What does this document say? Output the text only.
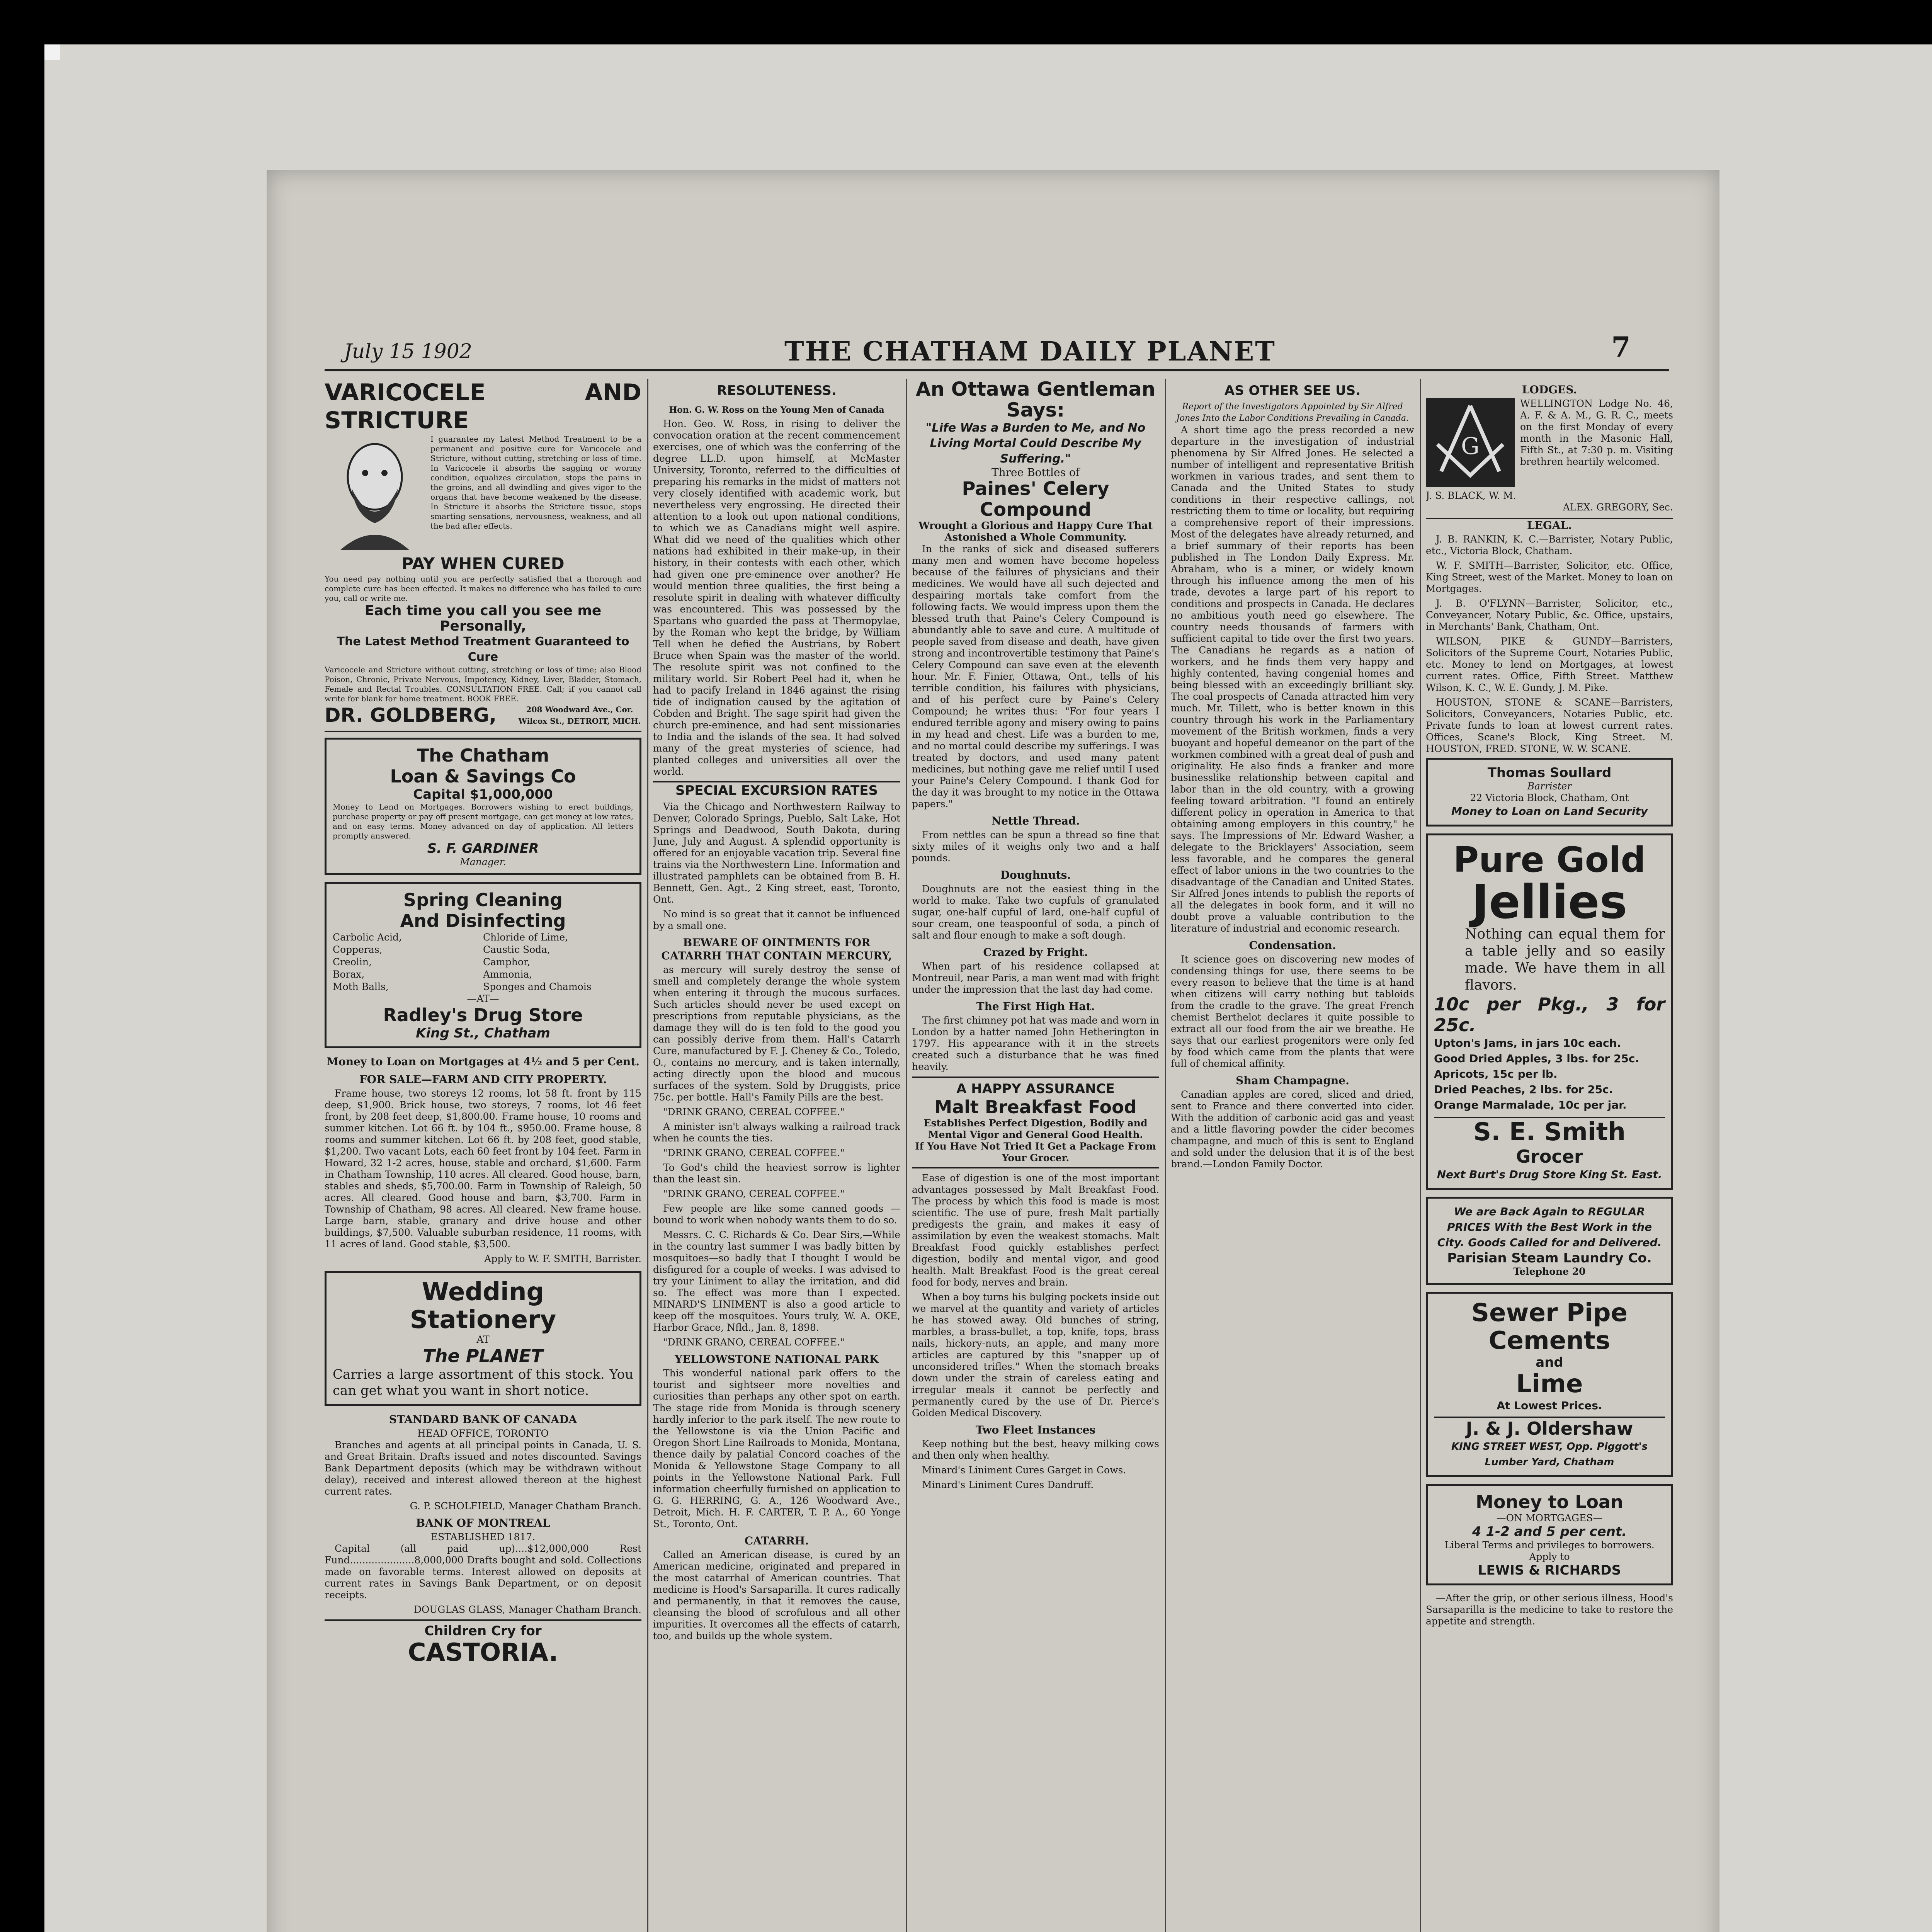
July 15 1902	THE CHATHAM DAILY PLANET	7
VARICOCELE AND STRICTURE
I guarantee my Latest Method Treatment to be a permanent and positive cure for Varicocele and Stricture, without cutting, stretching or loss of time. In Varicocele it absorbs the sagging or wormy condition, equalizes circulation, stops the pains in the groins, and all dwindling and gives vigor to the organs that have become weakened by the disease. In Stricture it absorbs the Stricture tissue, stops smarting sensations, nervousness, weakness, and all the bad after effects.
PAY WHEN CURED
You need pay nothing until you are perfectly satisfied that a thorough and complete cure has been effected. It makes no difference who has failed to cure you, call or write me.
Each time you call you see me Personally,
The Latest Method Treatment Guaranteed to Cure
Varicocele and Stricture without cutting, stretching or loss of time; also Blood Poison, Chronic, Private Nervous, Impotency, Kidney, Liver, Bladder, Stomach, Female and Rectal Troubles. CONSULTATION FREE. Call; if you cannot call write for blank for home treatment. BOOK FREE.
DR. GOLDBERG,	208 Woodward Ave., Cor. Wilcox St., DETROIT, MICH.
The Chatham
Loan & Savings Co
Capital $1,000,000
Money to Lend on Mortgages. Borrowers wishing to erect buildings, purchase property or pay off present mortgage, can get money at low rates, and on easy terms. Money advanced on day of application. All letters promptly answered.
S. F. GARDINER
Manager.
Spring Cleaning
And Disinfecting
Carbolic Acid,	Chloride of Lime,
Copperas,	Caustic Soda,
Creolin,	Camphor,
Borax,	Ammonia,
Moth Balls,	Sponges and Chamois
—AT—
Radley's Drug Store
King St., Chatham
Money to Loan on Mortgages at 4½ and 5 per Cent.
FOR SALE—FARM AND CITY PROPERTY.
Frame house, two storeys 12 rooms, lot 58 ft. front by 115 deep, $1,900. Brick house, two storeys, 7 rooms, lot 46 feet front, by 208 feet deep, $1,800.00. Frame house, 10 rooms and summer kitchen. Lot 66 ft. by 104 ft., $950.00. Frame house, 8 rooms and summer kitchen. Lot 66 ft. by 208 feet, good stable, $1,200. Two vacant Lots, each 60 feet front by 104 feet. Farm in Howard, 32 1-2 acres, house, stable and orchard, $1,600. Farm in Chatham Township, 110 acres. All cleared. Good house, barn, stables and sheds, $5,700.00. Farm in Township of Raleigh, 50 acres. All cleared. Good house and barn, $3,700. Farm in Township of Chatham, 98 acres. All cleared. New frame house. Large barn, stable, granary and drive house and other buildings, $7,500. Valuable suburban residence, 11 rooms, with 11 acres of land. Good stable, $3,500.
Apply to W. F. SMITH, Barrister.
Wedding
Stationery
AT
The PLANET
Carries a large assortment of this stock. You can get what you want in short notice.
STANDARD BANK OF CANADA
HEAD OFFICE, TORONTO
Branches and agents at all principal points in Canada, U. S. and Great Britain. Drafts issued and notes discounted. Savings Bank Department deposits (which may be withdrawn without delay), received and interest allowed thereon at the highest current rates.
G. P. SCHOLFIELD, Manager Chatham Branch.
BANK OF MONTREAL
ESTABLISHED 1817.
Capital (all paid up)....$12,000,000 Rest Fund.....................8,000,000 Drafts bought and sold. Collections made on favorable terms. Interest allowed on deposits at current rates in Savings Bank Department, or on deposit receipts.
DOUGLAS GLASS, Manager Chatham Branch.
Children Cry for
CASTORIA.
RESOLUTENESS.
Hon. G. W. Ross on the Young Men of Canada
Hon. Geo. W. Ross, in rising to deliver the convocation oration at the recent commencement exercises, one of which was the conferring of the degree LL.D. upon himself, at McMaster University, Toronto, referred to the difficulties of preparing his remarks in the midst of matters not very closely identified with academic work, but nevertheless very engrossing. He directed their attention to a look out upon national conditions, to which we as Canadians might well aspire. What did we need of the qualities which other nations had exhibited in their make-up, in their history, in their contests with each other, which had given one pre-eminence over another? He would mention three qualities, the first being a resolute spirit in dealing with whatever difficulty was encountered. This was possessed by the Spartans who guarded the pass at Thermopylae, by the Roman who kept the bridge, by William Tell when he defied the Austrians, by Robert Bruce when Spain was the master of the world. The resolute spirit was not confined to the military world. Sir Robert Peel had it, when he had to pacify Ireland in 1846 against the rising tide of indignation caused by the agitation of Cobden and Bright. The sage spirit had given the church pre-eminence, and had sent missionaries to India and the islands of the sea. It had solved many of the great mysteries of science, had planted colleges and universities all over the world.
SPECIAL EXCURSION RATES
Via the Chicago and Northwestern Railway to Denver, Colorado Springs, Pueblo, Salt Lake, Hot Springs and Deadwood, South Dakota, during June, July and August. A splendid opportunity is offered for an enjoyable vacation trip. Several fine trains via the Northwestern Line. Information and illustrated pamphlets can be obtained from B. H. Bennett, Gen. Agt., 2 King street, east, Toronto, Ont.
No mind is so great that it cannot be influenced by a small one.
BEWARE OF OINTMENTS FOR CATARRH THAT CONTAIN MERCURY,
as mercury will surely destroy the sense of smell and completely derange the whole system when entering it through the mucous surfaces. Such articles should never be used except on prescriptions from reputable physicians, as the damage they will do is ten fold to the good you can possibly derive from them. Hall's Catarrh Cure, manufactured by F. J. Cheney & Co., Toledo, O., contains no mercury, and is taken internally, acting directly upon the blood and mucous surfaces of the system. Sold by Druggists, price 75c. per bottle. Hall's Family Pills are the best.
"DRINK GRANO, CEREAL COFFEE."
A minister isn't always walking a railroad track when he counts the ties.
"DRINK GRANO, CEREAL COFFEE."
To God's child the heaviest sorrow is lighter than the least sin.
"DRINK GRANO, CEREAL COFFEE."
Few people are like some canned goods — bound to work when nobody wants them to do so.
Messrs. C. C. Richards & Co. Dear Sirs,—While in the country last summer I was badly bitten by mosquitoes—so badly that I thought I would be disfigured for a couple of weeks. I was advised to try your Liniment to allay the irritation, and did so. The effect was more than I expected. MINARD'S LINIMENT is also a good article to keep off the mosquitoes. Yours truly, W. A. OKE, Harbor Grace, Nfld., Jan. 8, 1898.
"DRINK GRANO, CEREAL COFFEE."
YELLOWSTONE NATIONAL PARK
This wonderful national park offers to the tourist and sightseer more novelties and curiosities than perhaps any other spot on earth. The stage ride from Monida is through scenery hardly inferior to the park itself. The new route to the Yellowstone is via the Union Pacific and Oregon Short Line Railroads to Monida, Montana, thence daily by palatial Concord coaches of the Monida & Yellowstone Stage Company to all points in the Yellowstone National Park. Full information cheerfully furnished on application to G. G. HERRING, G. A., 126 Woodward Ave., Detroit, Mich. H. F. CARTER, T. P. A., 60 Yonge St., Toronto, Ont.
CATARRH.
Called an American disease, is cured by an American medicine, originated and prepared in the most catarrhal of American countries. That medicine is Hood's Sarsaparilla. It cures radically and permanently, in that it removes the cause, cleansing the blood of scrofulous and all other impurities. It overcomes all the effects of catarrh, too, and builds up the whole system.
An Ottawa Gentleman Says:
"Life Was a Burden to Me, and No Living Mortal Could Describe My Suffering."
Three Bottles of
Paines' Celery Compound
Wrought a Glorious and Happy Cure That Astonished a Whole Community.
In the ranks of sick and diseased sufferers many men and women have become hopeless because of the failures of physicians and their medicines. We would have all such dejected and despairing mortals take comfort from the following facts. We would impress upon them the blessed truth that Paine's Celery Compound is abundantly able to save and cure. A multitude of people saved from disease and death, have given strong and incontrovertible testimony that Paine's Celery Compound can save even at the eleventh hour. Mr. F. Finier, Ottawa, Ont., tells of his terrible condition, his failures with physicians, and of his perfect cure by Paine's Celery Compound; he writes thus: "For four years I endured terrible agony and misery owing to pains in my head and chest. Life was a burden to me, and no mortal could describe my sufferings. I was treated by doctors, and used many patent medicines, but nothing gave me relief until I used your Paine's Celery Compound. I thank God for the day it was brought to my notice in the Ottawa papers."
Nettle Thread.
From nettles can be spun a thread so fine that sixty miles of it weighs only two and a half pounds.
Doughnuts.
Doughnuts are not the easiest thing in the world to make. Take two cupfuls of granulated sugar, one-half cupful of lard, one-half cupful of sour cream, one teaspoonful of soda, a pinch of salt and flour enough to make a soft dough.
Crazed by Fright.
When part of his residence collapsed at Montreuil, near Paris, a man went mad with fright under the impression that the last day had come.
The First High Hat.
The first chimney pot hat was made and worn in London by a hatter named John Hetherington in 1797. His appearance with it in the streets created such a disturbance that he was fined heavily.
A HAPPY ASSURANCE
Malt Breakfast Food
Establishes Perfect Digestion, Bodily and Mental Vigor and General Good Health.
If You Have Not Tried It Get a Package From Your Grocer.
Ease of digestion is one of the most important advantages possessed by Malt Breakfast Food. The process by which this food is made is most scientific. The use of pure, fresh Malt partially predigests the grain, and makes it easy of assimilation by even the weakest stomachs. Malt Breakfast Food quickly establishes perfect digestion, bodily and mental vigor, and good health. Malt Breakfast Food is the great cereal food for body, nerves and brain.
When a boy turns his bulging pockets inside out we marvel at the quantity and variety of articles he has stowed away. Old bunches of string, marbles, a brass-bullet, a top, knife, tops, brass nails, hickory-nuts, an apple, and many more articles are captured by this "snapper up of unconsidered trifles." When the stomach breaks down under the strain of careless eating and irregular meals it cannot be perfectly and permanently cured by the use of Dr. Pierce's Golden Medical Discovery.
Two Fleet Instances
Keep nothing but the best, heavy milking cows and then only when healthy.
Minard's Liniment Cures Garget in Cows.
Minard's Liniment Cures Dandruff.
AS OTHER SEE US.
Report of the Investigators Appointed by Sir Alfred Jones Into the Labor Conditions Prevailing in Canada.
A short time ago the press recorded a new departure in the investigation of industrial phenomena by Sir Alfred Jones. He selected a number of intelligent and representative British workmen in various trades, and sent them to Canada and the United States to study conditions in their respective callings, not restricting them to time or locality, but requiring a comprehensive report of their impressions. Most of the delegates have already returned, and a brief summary of their reports has been published in The London Daily Express. Mr. Abraham, who is a miner, or widely known through his influence among the men of his trade, devotes a large part of his report to conditions and prospects in Canada. He declares no ambitious youth need go elsewhere. The country needs thousands of farmers with sufficient capital to tide over the first two years. The Canadians he regards as a nation of workers, and he finds them very happy and highly contented, having congenial homes and being blessed with an exceedingly brilliant sky. The coal prospects of Canada attracted him very much. Mr. Tillett, who is better known in this country through his work in the Parliamentary movement of the British workmen, finds a very buoyant and hopeful demeanor on the part of the workmen combined with a great deal of push and originality. He also finds a franker and more businesslike relationship between capital and labor than in the old country, with a growing feeling toward arbitration. "I found an entirely different policy in operation in America to that obtaining among employers in this country," he says. The Impressions of Mr. Edward Washer, a delegate to the Bricklayers' Association, seem less favorable, and he compares the general effect of labor unions in the two countries to the disadvantage of the Canadian and United States. Sir Alfred Jones intends to publish the reports of all the delegates in book form, and it will no doubt prove a valuable contribution to the literature of industrial and economic research.
Condensation.
It science goes on discovering new modes of condensing things for use, there seems to be every reason to believe that the time is at hand when citizens will carry nothing but tabloids from the cradle to the grave. The great French chemist Berthelot declares it quite possible to extract all our food from the air we breathe. He says that our earliest progenitors were only fed by food which came from the plants that were full of chemical affinity.
Sham Champagne.
Canadian apples are cored, sliced and dried, sent to France and there converted into cider. With the addition of carbonic acid gas and yeast and a little flavoring powder the cider becomes champagne, and much of this is sent to England and sold under the delusion that it is of the best brand.—London Family Doctor.
LODGES.
G
WELLINGTON Lodge No. 46, A. F. & A. M., G. R. C., meets on the first Monday of every month in the Masonic Hall, Fifth St., at 7:30 p. m. Visiting brethren heartily welcomed.
J. S. BLACK, W. M.
ALEX. GREGORY, Sec.
LEGAL.
J. B. RANKIN, K. C.—Barrister, Notary Public, etc., Victoria Block, Chatham.
W. F. SMITH—Barrister, Solicitor, etc. Office, King Street, west of the Market. Money to loan on Mortgages.
J. B. O'FLYNN—Barrister, Solicitor, etc., Conveyancer, Notary Public, &c. Office, upstairs, in Merchants' Bank, Chatham, Ont.
WILSON, PIKE & GUNDY—Barristers, Solicitors of the Supreme Court, Notaries Public, etc. Money to lend on Mortgages, at lowest current rates. Office, Fifth Street. Matthew Wilson, K. C., W. E. Gundy, J. M. Pike.
HOUSTON, STONE & SCANE—Barristers, Solicitors, Conveyancers, Notaries Public, etc. Private funds to loan at lowest current rates. Offices, Scane's Block, King Street. M. HOUSTON, FRED. STONE, W. W. SCANE.
Thomas Soullard
Barrister
22 Victoria Block, Chatham, Ont
Money to Loan on Land Security
Pure Gold
Jellies
Nothing can equal them for a table jelly and so easily made. We have them in all flavors.
10c per Pkg., 3 for 25c.
Upton's Jams, in jars 10c each.
Good Dried Apples, 3 lbs. for 25c.
Apricots, 15c per lb.
Dried Peaches, 2 lbs. for 25c.
Orange Marmalade, 10c per jar.
S. E. Smith
Grocer
Next Burt's Drug Store King St. East.
We are Back Again to REGULAR PRICES With the Best Work in the City. Goods Called for and Delivered.
Parisian Steam Laundry Co.
Telephone 20
Sewer Pipe
Cements
and
Lime
At Lowest Prices.
J. & J. Oldershaw
KING STREET WEST, Opp. Piggott's Lumber Yard, Chatham
Money to Loan
—ON MORTGAGES—
4 1-2 and 5 per cent.
Liberal Terms and privileges to borrowers. Apply to
LEWIS & RICHARDS
—After the grip, or other serious illness, Hood's Sarsaparilla is the medicine to take to restore the appetite and strength.
